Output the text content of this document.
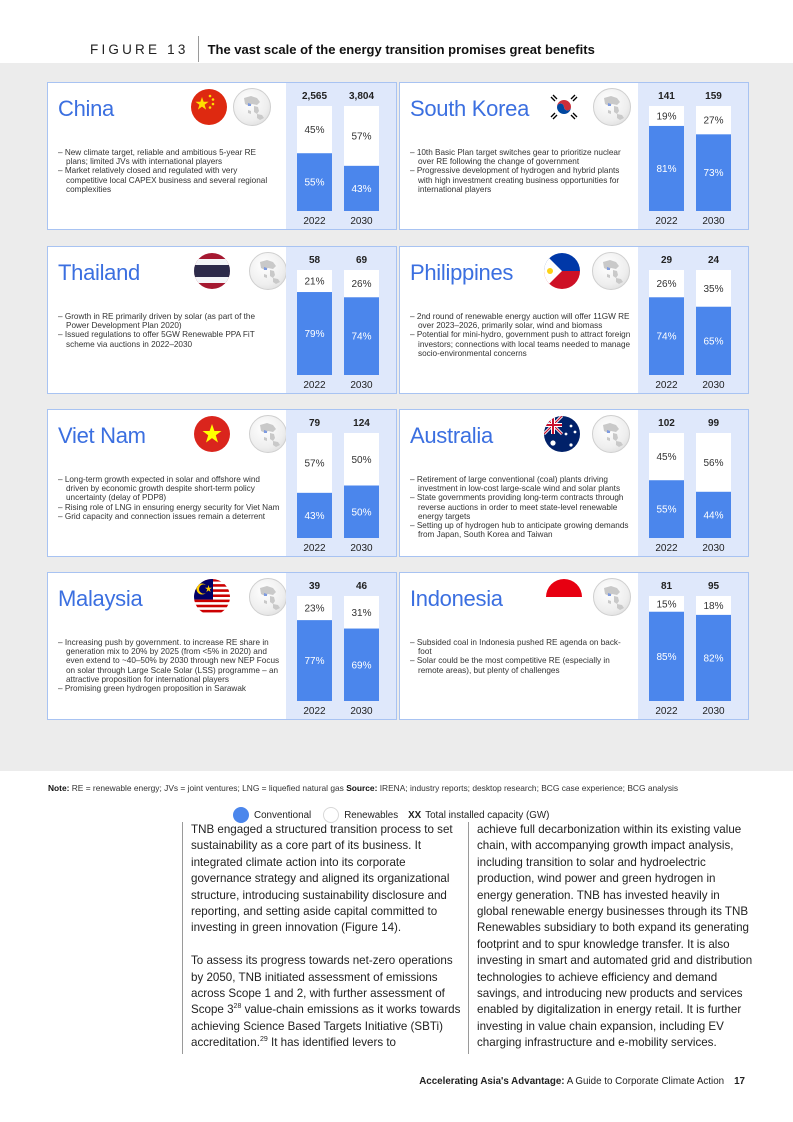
FIGURE 13	The vast scale of the energy transition promises great benefits
China
– New climate target, reliable and ambitious 5-year RE plans; limited JVs with international players
– Market relatively closed and regulated with very competitive local CAPEX business and several regional complexities
2,565
45%
55%
2022
3,804
57%
43%
2030
South Korea
– 10th Basic Plan target switches gear to prioritize nuclear over RE following the change of government
– Progressive development of hydrogen and hybrid plants with high investment creating business opportunities for international players
141
19%
81%
2022
159
27%
73%
2030
Thailand
– Growth in RE primarily driven by solar (as part of the Power Development Plan 2020)
– Issued regulations to offer 5GW Renewable PPA FiT scheme via auctions in 2022–2030
58
21%
79%
2022
69
26%
74%
2030
Philippines
– 2nd round of renewable energy auction will offer 11GW RE over 2023–2026, primarily solar, wind and biomass
– Potential for mini-hydro, government push to attract foreign investors; connections with local teams needed to manage socio-environmental concerns
29
26%
74%
2022
24
35%
65%
2030
Viet Nam
– Long-term growth expected in solar and offshore wind driven by economic growth despite short-term policy uncertainty (delay of PDP8)
– Rising role of LNG in ensuring energy security for Viet Nam
– Grid capacity and connection issues remain a deterrent
79
57%
43%
2022
124
50%
50%
2030
Australia
– Retirement of large conventional (coal) plants driving investment in low-cost large-scale wind and solar plants
– State governments providing long-term contracts through reverse auctions in order to meet state-level renewable energy targets
– Setting up of hydrogen hub to anticipate growing demands from Japan, South Korea and Taiwan
102
45%
55%
2022
99
56%
44%
2030
Malaysia
– Increasing push by government. to increase RE share in generation mix to 20% by 2025 (from <5% in 2020) and even extend to ~40–50% by 2030 through new NEP Focus on solar through Large Scale Solar (LSS) programme – an attractive proposition for international players
– Promising green hydrogen proposition in Sarawak
39
23%
77%
2022
46
31%
69%
2030
Indonesia
– Subsided coal in Indonesia pushed RE agenda on back-foot
– Solar could be the most competitive RE (especially in remote areas), but plenty of challenges
81
15%
85%
2022
95
18%
82%
2030
Conventional	Renewables XX Total installed capacity (GW)
Note: RE = renewable energy; JVs = joint ventures; LNG = liquefied natural gas Source: IRENA; industry reports; desktop research; BCG case experience; BCG analysis

TNB engaged a structured transition process to set sustainability as a core part of its business. It integrated climate action into its corporate governance strategy and aligned its organizational structure, introducing sustainability disclosure and reporting, and setting aside capital committed to investing in green innovation (Figure 14).

To assess its progress towards net-zero operations by 2050, TNB initiated assessment of emissions across Scope 1 and 2, with further assessment of Scope $3^{28}$ value-chain emissions as it works towards achieving Science Based Targets Initiative (SBTi) accreditation.$^{29}$ It has identified levers to

achieve full decarbonization within its existing value chain, with accompanying growth impact analysis, including transition to solar and hydroelectric production, wind power and green hydrogen in energy generation. TNB has invested heavily in global renewable energy businesses through its TNB Renewables subsidiary to both expand its generating footprint and to spur knowledge transfer. It is also investing in smart and automated grid and distribution technologies to achieve efficiency and demand savings, and introducing new products and services enabled by digitalization in energy retail. It is further investing in value chain expansion, including EV charging infrastructure and e-mobility services.

Accelerating Asia's Advantage: A Guide to Corporate Climate Action 17
